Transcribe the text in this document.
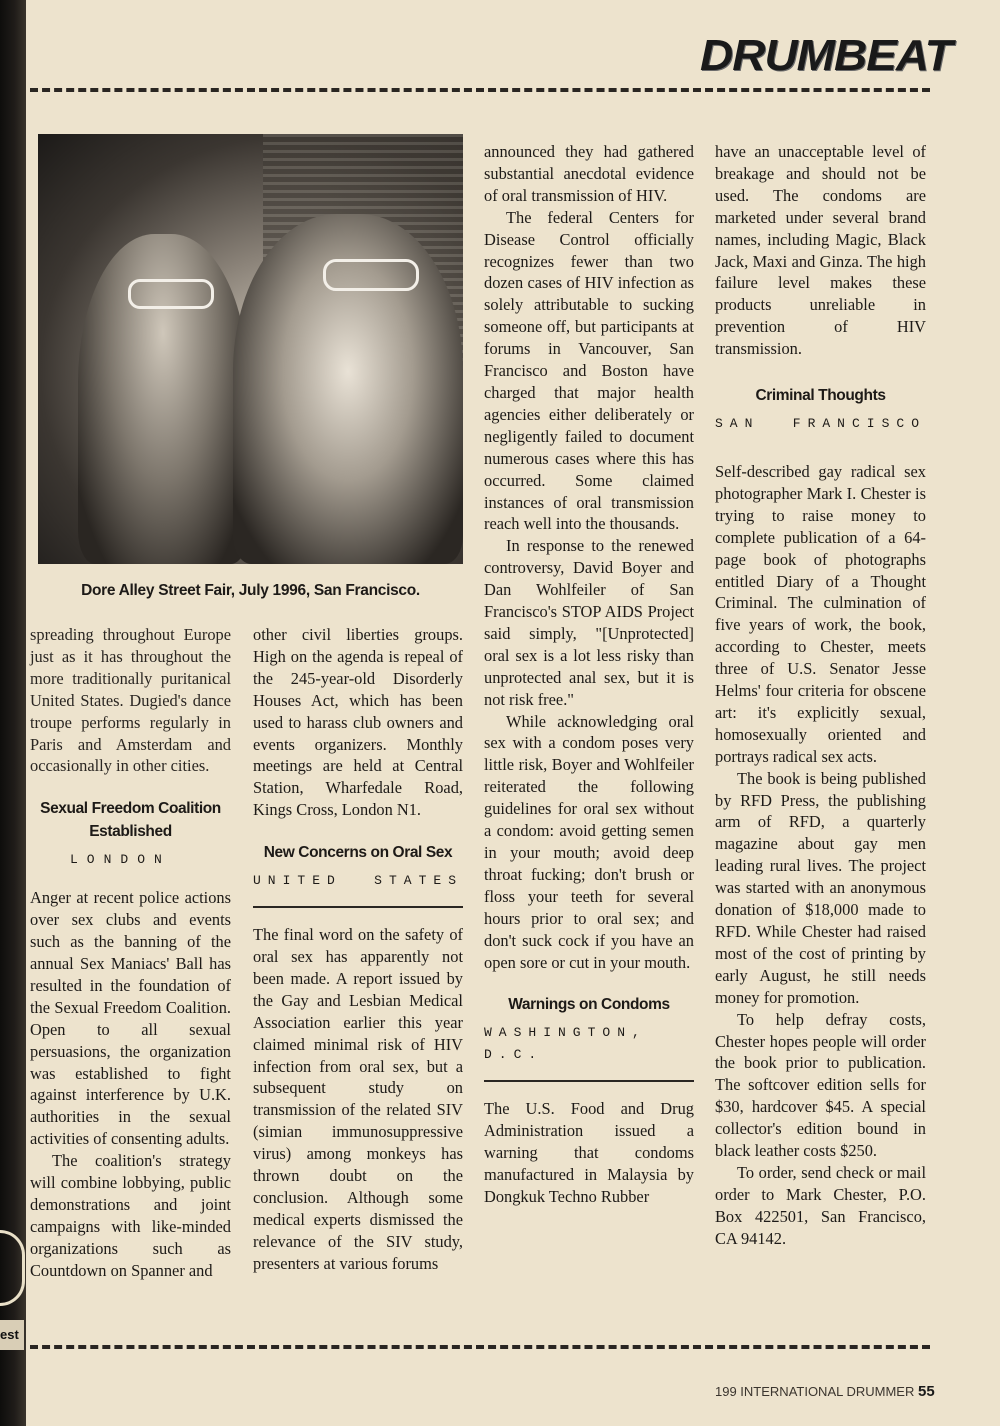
est
DRUMBEAT
Dore Alley Street Fair, July 1996, San Francisco.

spreading throughout Europe just as it has throughout the more traditionally puritanical United States. Dugied's dance troupe performs regularly in Paris and Amsterdam and occasionally in other cities.

Sexual Freedom Coalition Established
LONDON

Anger at recent police actions over sex clubs and events such as the banning of the annual Sex Maniacs' Ball has resulted in the foundation of the Sexual Freedom Coalition. Open to all sexual persuasions, the organization was established to fight against interference by U.K. authorities in the sexual activities of consenting adults.

The coalition's strategy will combine lobbying, public demonstrations and joint campaigns with like-minded organizations such as Countdown on Spanner and

other civil liberties groups. High on the agenda is repeal of the 245-year-old Disorderly Houses Act, which has been used to harass club owners and events organizers. Monthly meetings are held at Central Station, Wharfedale Road, Kings Cross, London N1.

New Concerns on Oral Sex
UNITED STATES

The final word on the safety of oral sex has apparently not been made. A report issued by the Gay and Lesbian Medical Association earlier this year claimed minimal risk of HIV infection from oral sex, but a subsequent study on transmission of the related SIV (simian immunosuppressive virus) among monkeys has thrown doubt on the conclusion. Although some medical experts dismissed the relevance of the SIV study, presenters at various forums

announced they had gathered substantial anecdotal evidence of oral transmission of HIV.

The federal Centers for Disease Control officially recognizes fewer than two dozen cases of HIV infection as solely attributable to sucking someone off, but participants at forums in Vancouver, San Francisco and Boston have charged that major health agencies either deliberately or negligently failed to document numerous cases where this has occurred. Some claimed instances of oral transmission reach well into the thousands.

In response to the renewed controversy, David Boyer and Dan Wohlfeiler of San Francisco's STOP AIDS Project said simply, "[Unprotected] oral sex is a lot less risky than unprotected anal sex, but it is not risk free."

While acknowledging oral sex with a condom poses very little risk, Boyer and Wohlfeiler reiterated the following guidelines for oral sex without a condom: avoid getting semen in your mouth; avoid deep throat fucking; don't brush or floss your teeth for several hours prior to oral sex; and don't suck cock if you have an open sore or cut in your mouth.

Warnings on Condoms
WASHINGTON, D.C.

The U.S. Food and Drug Administration issued a warning that condoms manufactured in Malaysia by Dongkuk Techno Rubber

have an unacceptable level of breakage and should not be used. The condoms are marketed under several brand names, including Magic, Black Jack, Maxi and Ginza. The high failure level makes these products unreliable in prevention of HIV transmission.

Criminal Thoughts
SAN FRANCISCO

Self-described gay radical sex photographer Mark I. Chester is trying to raise money to complete publication of a 64-page book of photographs entitled Diary of a Thought Criminal. The culmination of five years of work, the book, according to Chester, meets three of U.S. Senator Jesse Helms' four criteria for obscene art: it's explicitly sexual, homosexually oriented and portrays radical sex acts.

The book is being published by RFD Press, the publishing arm of RFD, a quarterly magazine about gay men leading rural lives. The project was started with an anonymous donation of $18,000 made to RFD. While Chester had raised most of the cost of printing by early August, he still needs money for promotion.

To help defray costs, Chester hopes people will order the book prior to publication. The softcover edition sells for $30, hardcover $45. A special collector's edition bound in black leather costs $250.

To order, send check or mail order to Mark Chester, P.O. Box 422501, San Francisco, CA 94142.

199 INTERNATIONAL DRUMMER 55
